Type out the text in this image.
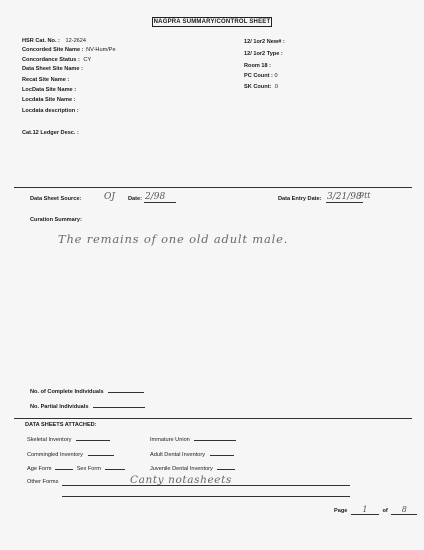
NAGPRA SUMMARY/CONTROL SHEET
HSR Cat. No. : 12-2624
Concorded Site Name : NV-Hum/Pe
Concordance Status : CY
Data Sheet Site Name :
Recat Site Name :
LocData Site Name :
Locdata Site Name :
Locdata description :
Cat.12 Ledger Desc. :
12/ 1or2 New# :
12/ 1or2 Type :
Room 18 :
PC Count : 0
SK Count: 0
Data Sheet Source:	OJ Date: 2/98	Data Entry Date: 3/21/98
9tt
Curation Summary:
The remains of one old adult male.
No. of Complete Individuals
No. Partial Individuals
DATA SHEETS ATTACHED:
Skeletal Inventory	Immature Union
Commingled Inventory	Adult Dental Inventory
Age Form	Sex Form	Juvenile Dental Inventory
Other Forms	Canty notasheets
Page 1	of 8
